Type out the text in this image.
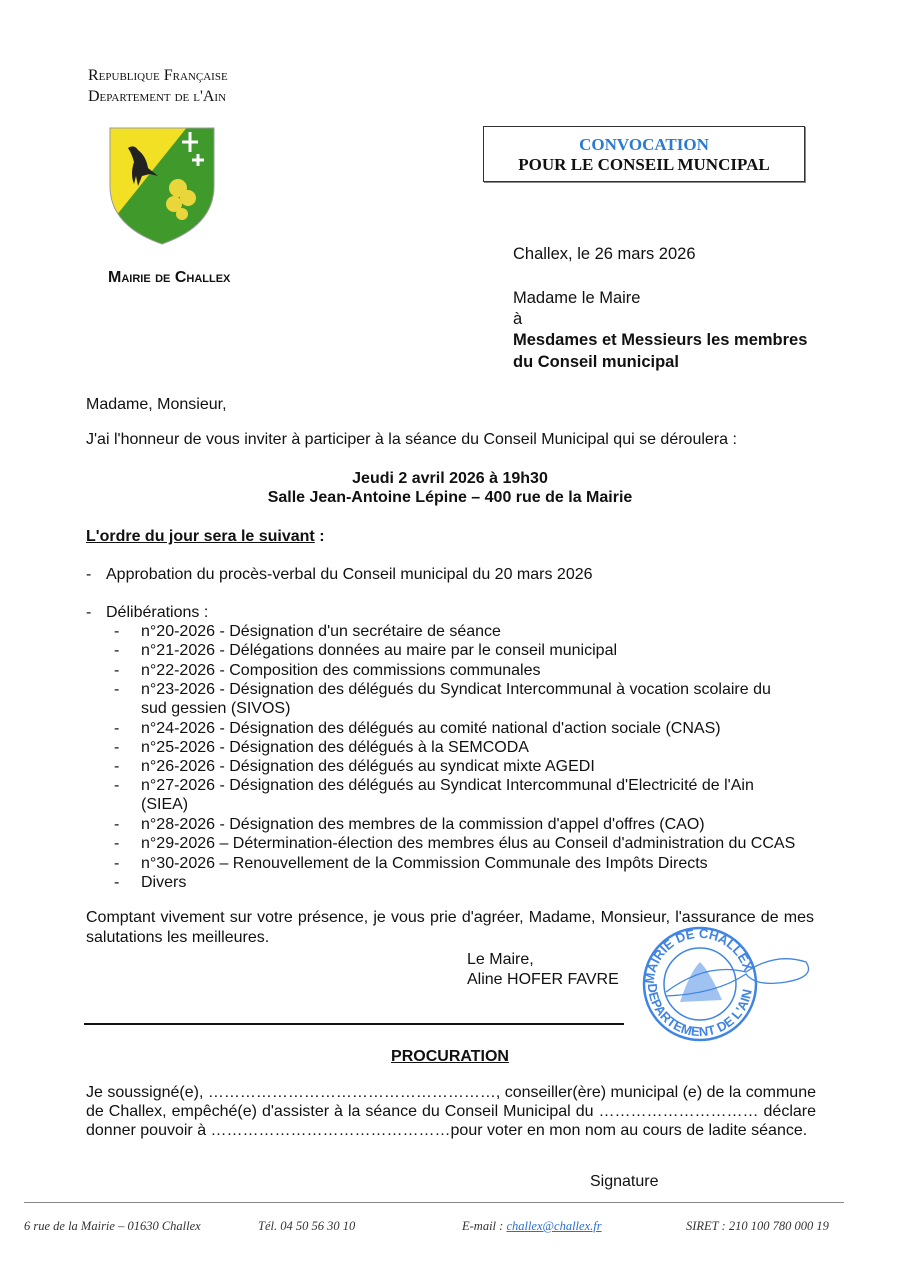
Republique Française
Departement de l'Ain
Mairie de Challex
CONVOCATION
POUR LE CONSEIL MUNCIPAL
Challex, le 26 mars 2026
Madame le Maire
à
Mesdames et Messieurs les membres
du Conseil municipal
Madame, Monsieur,
J'ai l'honneur de vous inviter à participer à la séance du Conseil Municipal qui se déroulera :
Jeudi 2 avril 2026 à 19h30
Salle Jean-Antoine Lépine – 400 rue de la Mairie
L'ordre du jour sera le suivant :
- Approbation du procès-verbal du Conseil municipal du 20 mars 2026
- Délibérations :
- n°20-2026 - Désignation d'un secrétaire de séance
- n°21-2026 - Délégations données au maire par le conseil municipal
- n°22-2026 - Composition des commissions communales
- n°23-2026 - Désignation des délégués du Syndicat Intercommunal à vocation scolaire du
sud gessien (SIVOS)
- n°24-2026 - Désignation des délégués au comité national d'action sociale (CNAS)
- n°25-2026 - Désignation des délégués à la SEMCODA
- n°26-2026 - Désignation des délégués au syndicat mixte AGEDI
- n°27-2026 - Désignation des délégués au Syndicat Intercommunal d'Electricité de l'Ain
(SIEA)
- n°28-2026 - Désignation des membres de la commission d'appel d'offres (CAO)
- n°29-2026 – Détermination-élection des membres élus au Conseil d'administration du CCAS
- n°30-2026 – Renouvellement de la Commission Communale des Impôts Directs
- Divers
Comptant vivement sur votre présence, je vous prie d'agréer, Madame, Monsieur, l'assurance de mes salutations les meilleures.
Le Maire,
Aline HOFER FAVRE MAIRIE DE CHALLEX
DEPARTEMENT DE L'AIN
PROCURATION
Je soussigné(e), ………………………………………………, conseiller(ère) municipal (e) de la commune de Challex, empêché(e) d'assister à la séance du Conseil Municipal du ………………………… déclare donner pouvoir à ………………………………………pour voter en mon nom au cours de ladite séance.
Signature
6 rue de la Mairie – 01630 Challex	Tél. 04 50 56 30 10	E-mail : challex@challex.fr	SIRET : 210 100 780 000 19
